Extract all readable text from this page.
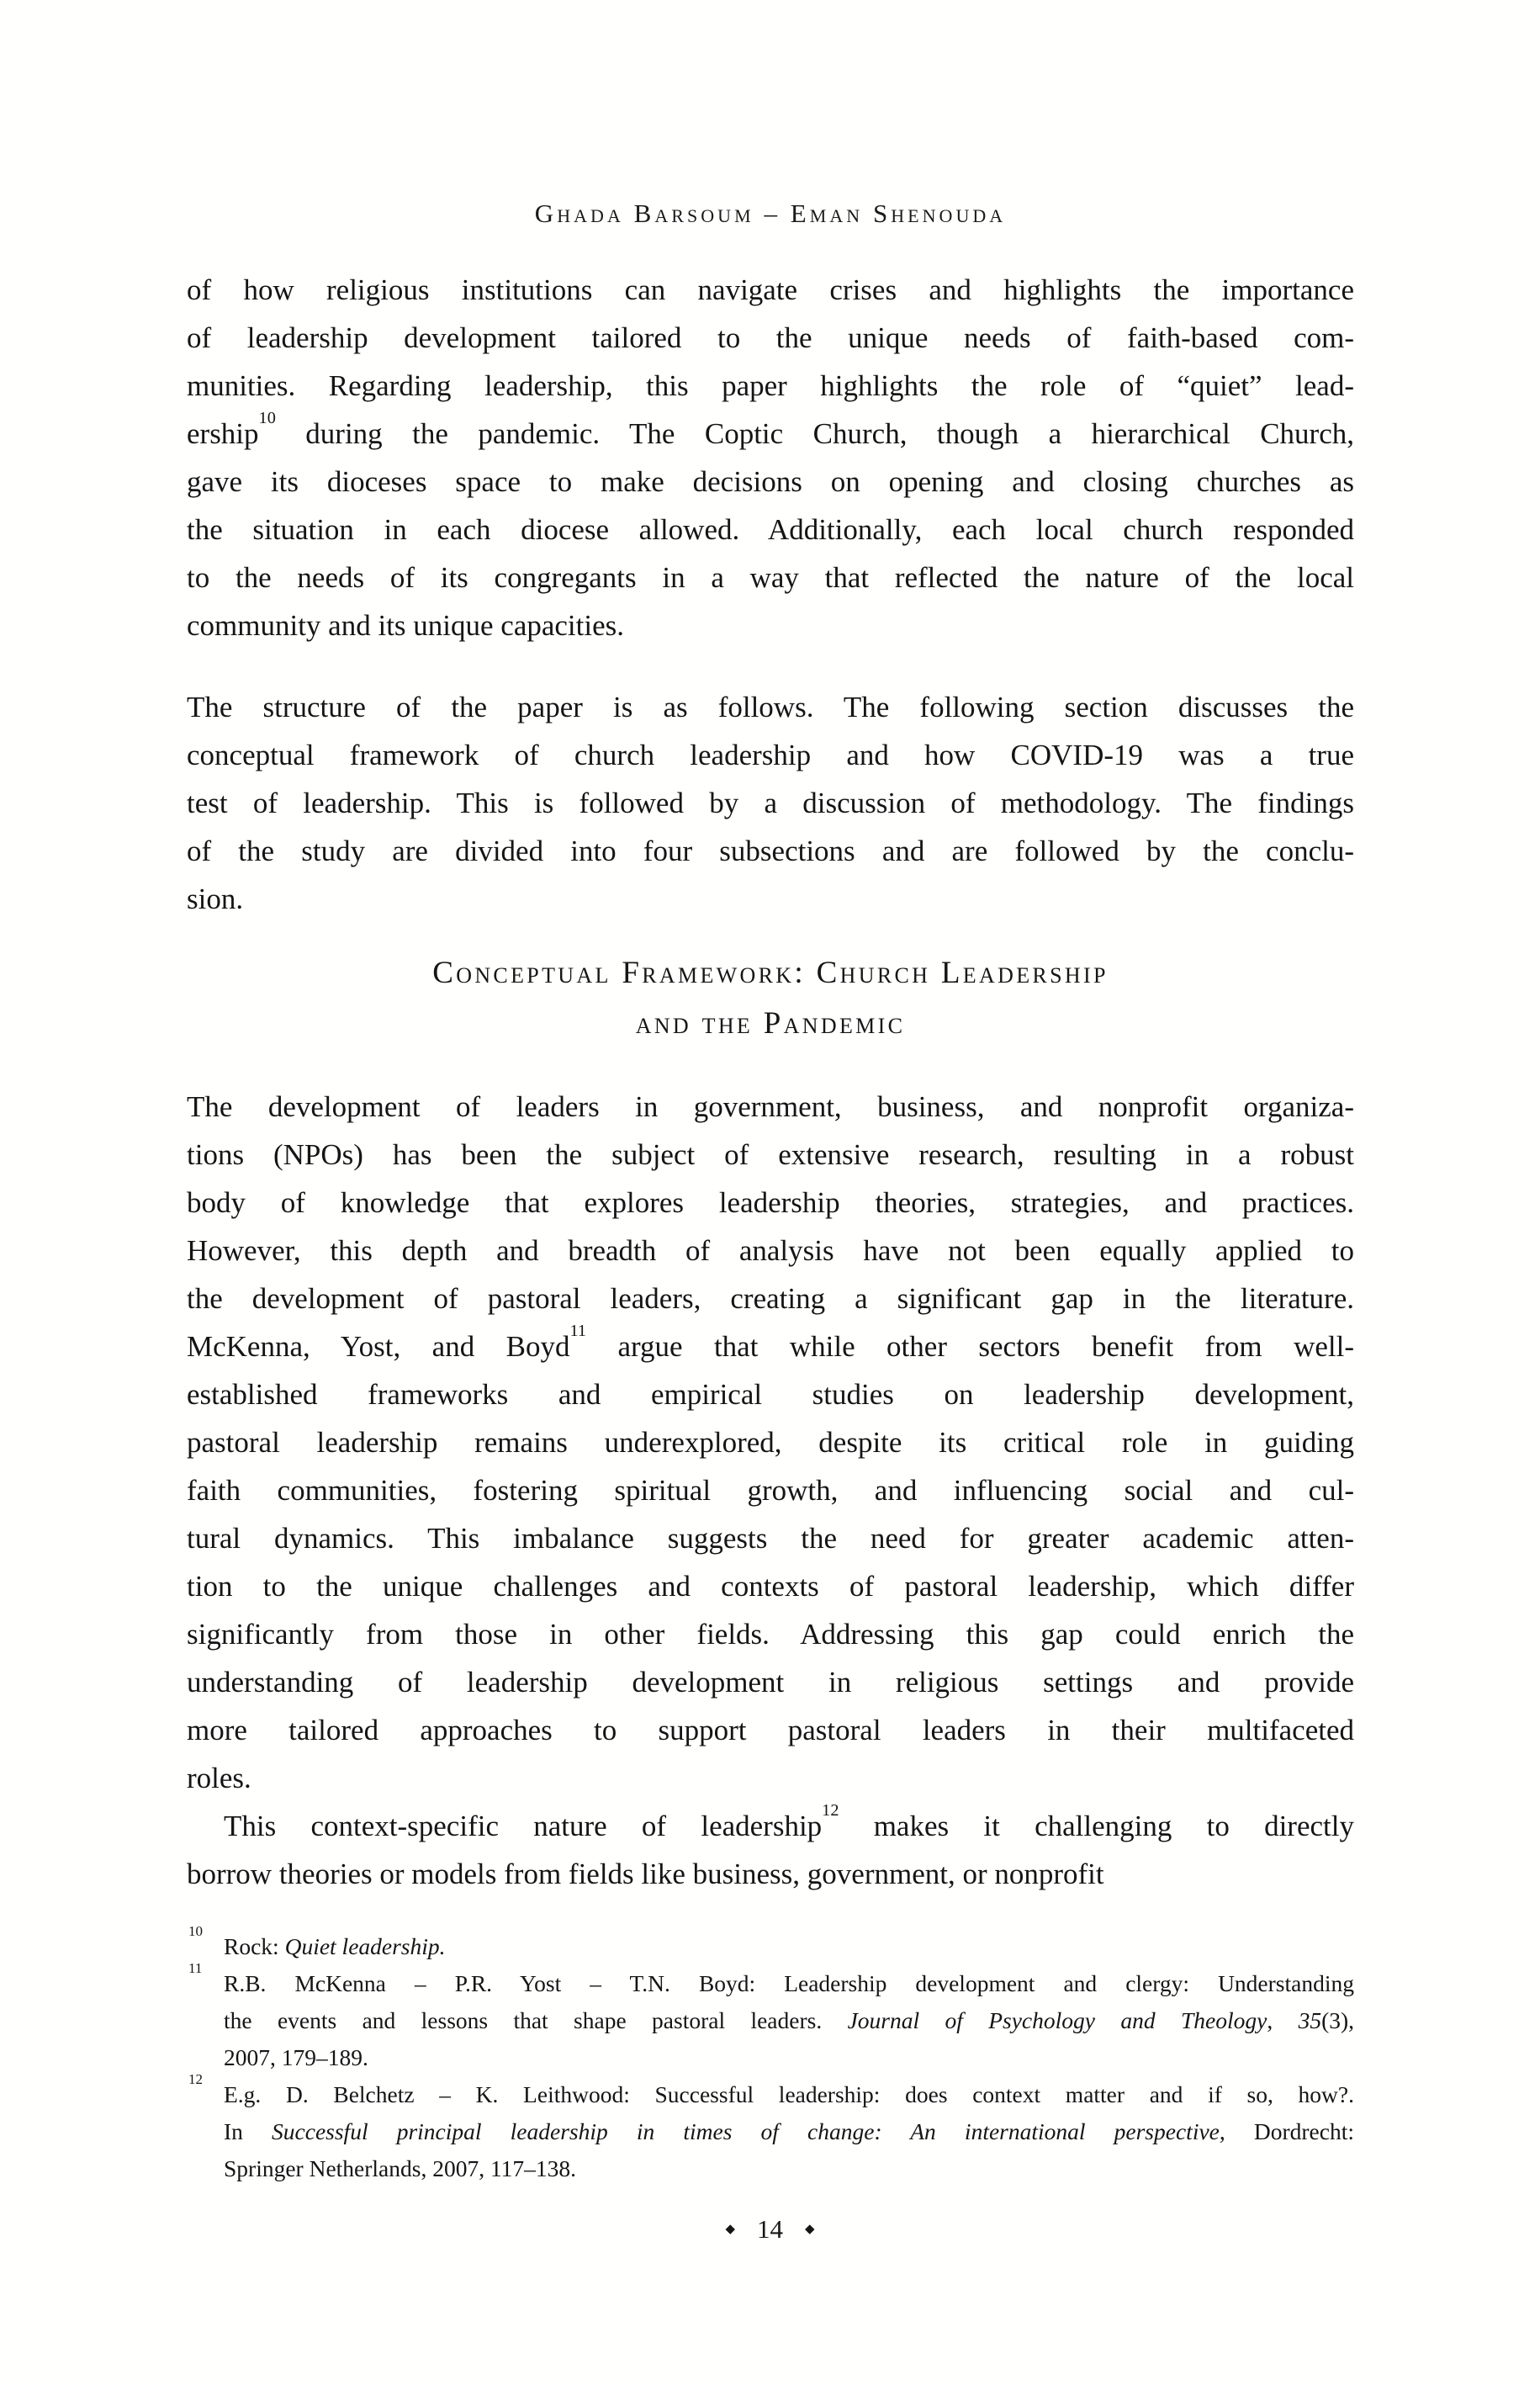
Ghada Barsoum – Eman Shenouda
of how religious institutions can navigate crises and highlights the importance
of leadership development tailored to the unique needs of faith-based com-
munities. Regarding leadership, this paper highlights the role of “quiet” lead-
ership$^{10}$ during the pandemic. The Coptic Church, though a hierarchical Church,
gave its dioceses space to make decisions on opening and closing churches as
the situation in each diocese allowed. Additionally, each local church responded
to the needs of its congregants in a way that reflected the nature of the local
community and its unique capacities.
The structure of the paper is as follows. The following section discusses the
conceptual framework of church leadership and how COVID-19 was a true
test of leadership. This is followed by a discussion of methodology. The findings
of the study are divided into four subsections and are followed by the conclu-
sion.
Conceptual Framework: Church Leadership
and the Pandemic
The development of leaders in government, business, and nonprofit organiza-
tions (NPOs) has been the subject of extensive research, resulting in a robust
body of knowledge that explores leadership theories, strategies, and practices.
However, this depth and breadth of analysis have not been equally applied to
the development of pastoral leaders, creating a significant gap in the literature.
McKenna, Yost, and Boyd$^{11}$ argue that while other sectors benefit from well-
established frameworks and empirical studies on leadership development,
pastoral leadership remains underexplored, despite its critical role in guiding
faith communities, fostering spiritual growth, and influencing social and cul-
tural dynamics. This imbalance suggests the need for greater academic atten-
tion to the unique challenges and contexts of pastoral leadership, which differ
significantly from those in other fields. Addressing this gap could enrich the
understanding of leadership development in religious settings and provide
more tailored approaches to support pastoral leaders in their multifaceted
roles.
This context-specific nature of leadership$^{12}$ makes it challenging to directly
borrow theories or models from fields like business, government, or nonprofit
10
Rock: Quiet leadership.
11
R.B. McKenna – P.R. Yost – T.N. Boyd: Leadership development and clergy: Understanding
the events and lessons that shape pastoral leaders. Journal of Psychology and Theology, 35(3),
2007, 179–189.
12
E.g. D. Belchetz – K. Leithwood: Successful leadership: does context matter and if so, how?.
In Successful principal leadership in times of change: An international perspective, Dordrecht:
Springer Netherlands, 2007, 117–138.
◆ 14 ◆
